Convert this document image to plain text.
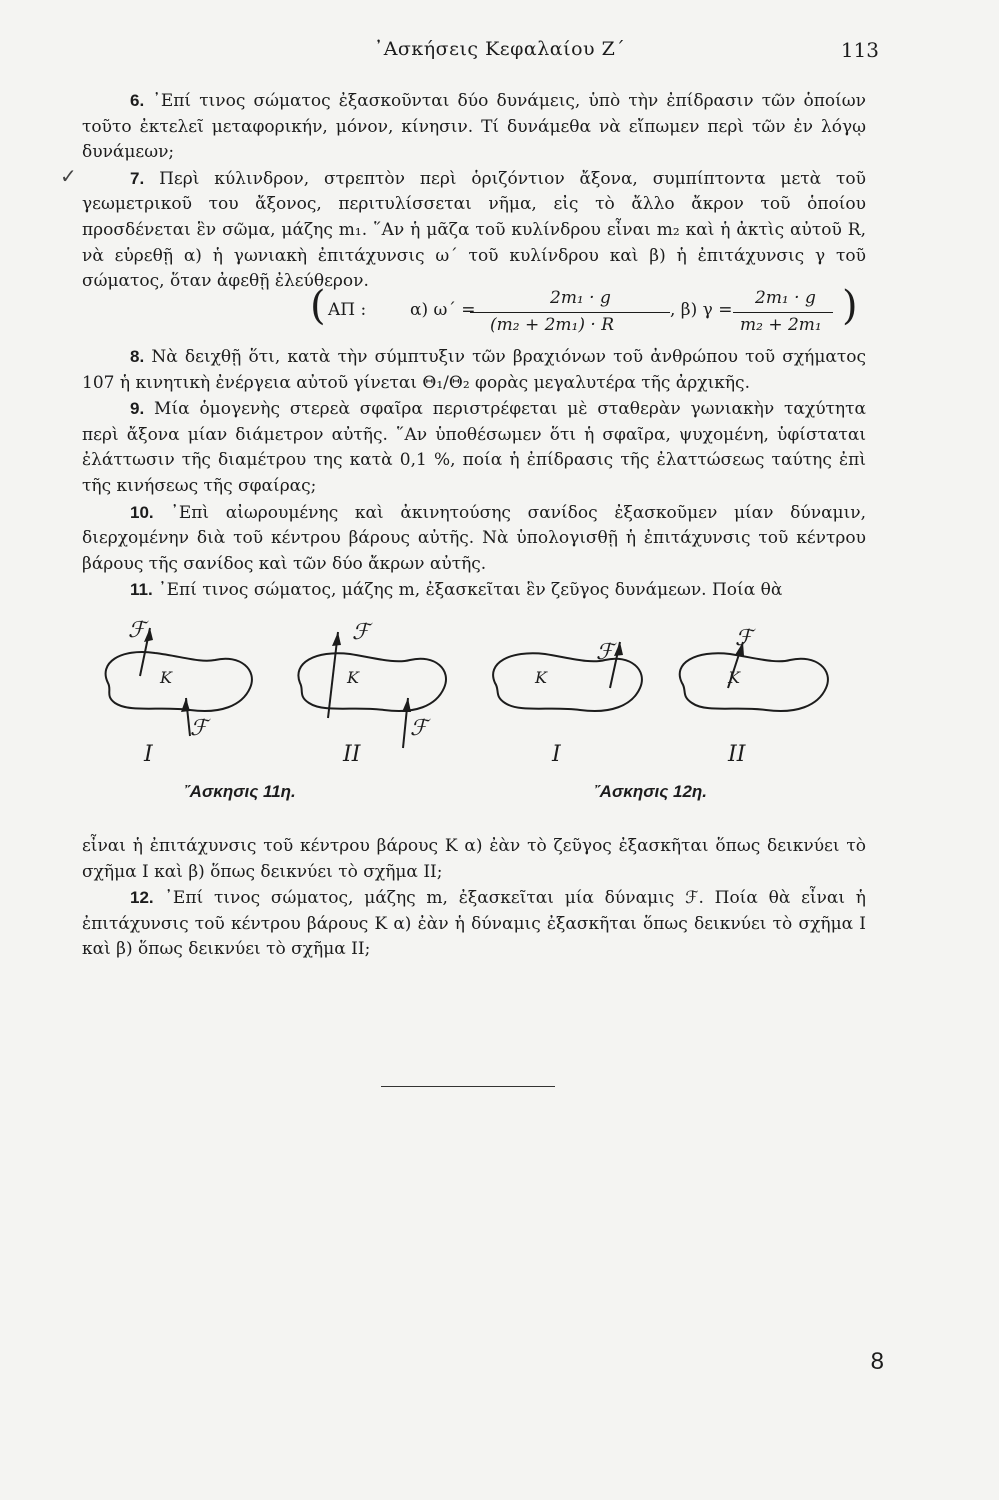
᾿Ασκήσεις Κεφαλαίου Ζ΄	113
✓

6. ᾿Επί τινος σώματος ἐξασκοῦνται δύο δυνάμεις, ὑπὸ τὴν ἐπίδρασιν τῶν ὁποίων τοῦτο ἐκτελεῖ μεταφορικήν, μόνον, κίνησιν. Τί δυνάμεθα νὰ εἴπωμεν περὶ τῶν ἐν λόγῳ δυνάμεων;

7. Περὶ κύλινδρον, στρεπτὸν περὶ ὁριζόντιον ἄξονα, συμπίπτοντα μετὰ τοῦ γεωμετρικοῦ του ἄξονος, περιτυλίσσεται νῆμα, εἰς τὸ ἄλλο ἄκρον τοῦ ὁποίου προσδένεται ἓν σῶμα, μάζης m₁. ῞Αν ἡ μᾶζα τοῦ κυλίνδρου εἶναι m₂ καὶ ἡ ἀκτὶς αὐτοῦ R, νὰ εὑρεθῇ α) ἡ γωνιακὴ ἐπιτάχυνσις ω΄ τοῦ κυλίνδρου καὶ β) ἡ ἐπιτάχυνσις γ τοῦ σώματος, ὅταν ἀφεθῇ ἐλεύθερον.

( ΑΠ :	α) ω΄ =
2m₁ · g
(m₂ + 2m₁) · R
, β) γ =
2m₁ · g
m₂ + 2m₁ )

8. Νὰ δειχθῇ ὅτι, κατὰ τὴν σύμπτυξιν τῶν βραχιόνων τοῦ ἀνθρώπου τοῦ σχήματος 107 ἡ κινητικὴ ἐνέργεια αὐτοῦ γίνεται Θ₁/Θ₂ φορὰς μεγαλυτέρα τῆς ἀρχικῆς.

9. Μία ὁμογενὴς στερεὰ σφαῖρα περιστρέφεται μὲ σταθερὰν γωνιακὴν ταχύτητα περὶ ἄξονα μίαν διάμετρον αὐτῆς. ῞Αν ὑποθέσωμεν ὅτι ἡ σφαῖρα, ψυχομένη, ὑφίσταται ἐλάττωσιν τῆς διαμέτρου της κατὰ 0,1 %, ποία ἡ ἐπίδρασις τῆς ἐλαττώσεως ταύτης ἐπὶ τῆς κινήσεως τῆς σφαίρας;

10. ᾿Επὶ αἰωρουμένης καὶ ἀκινητούσης σανίδος ἐξασκοῦμεν μίαν δύναμιν, διερχομένην διὰ τοῦ κέντρου βάρους αὐτῆς. Νὰ ὑπολογισθῇ ἡ ἐπιτάχυνσις τοῦ κέντρου βάρους τῆς σανίδος καὶ τῶν δύο ἄκρων αὐτῆς.

11. ᾿Επί τινος σώματος, μάζης m, ἐξασκεῖται ἓν ζεῦγος δυνάμεων. Ποία θὰ

ℱ
K
ℱ
ℱ
K
ℱ
ℱ
K
ℱ
K
I	II	I	II
῎Ασκησις 11η.	῎Ασκησις 12η.

εἶναι ἡ ἐπιτάχυνσις τοῦ κέντρου βάρους K α) ἐὰν τὸ ζεῦγος ἐξασκῆται ὅπως δεικνύει τὸ σχῆμα I καὶ β) ὅπως δεικνύει τὸ σχῆμα II;

12. ᾿Επί τινος σώματος, μάζης m, ἐξασκεῖται μία δύναμις ℱ. Ποία θὰ εἶναι ἡ ἐπιτάχυνσις τοῦ κέντρου βάρους K α) ἐὰν ἡ δύναμις ἐξασκῆται ὅπως δεικνύει τὸ σχῆμα I καὶ β) ὅπως δεικνύει τὸ σχῆμα II;

8
